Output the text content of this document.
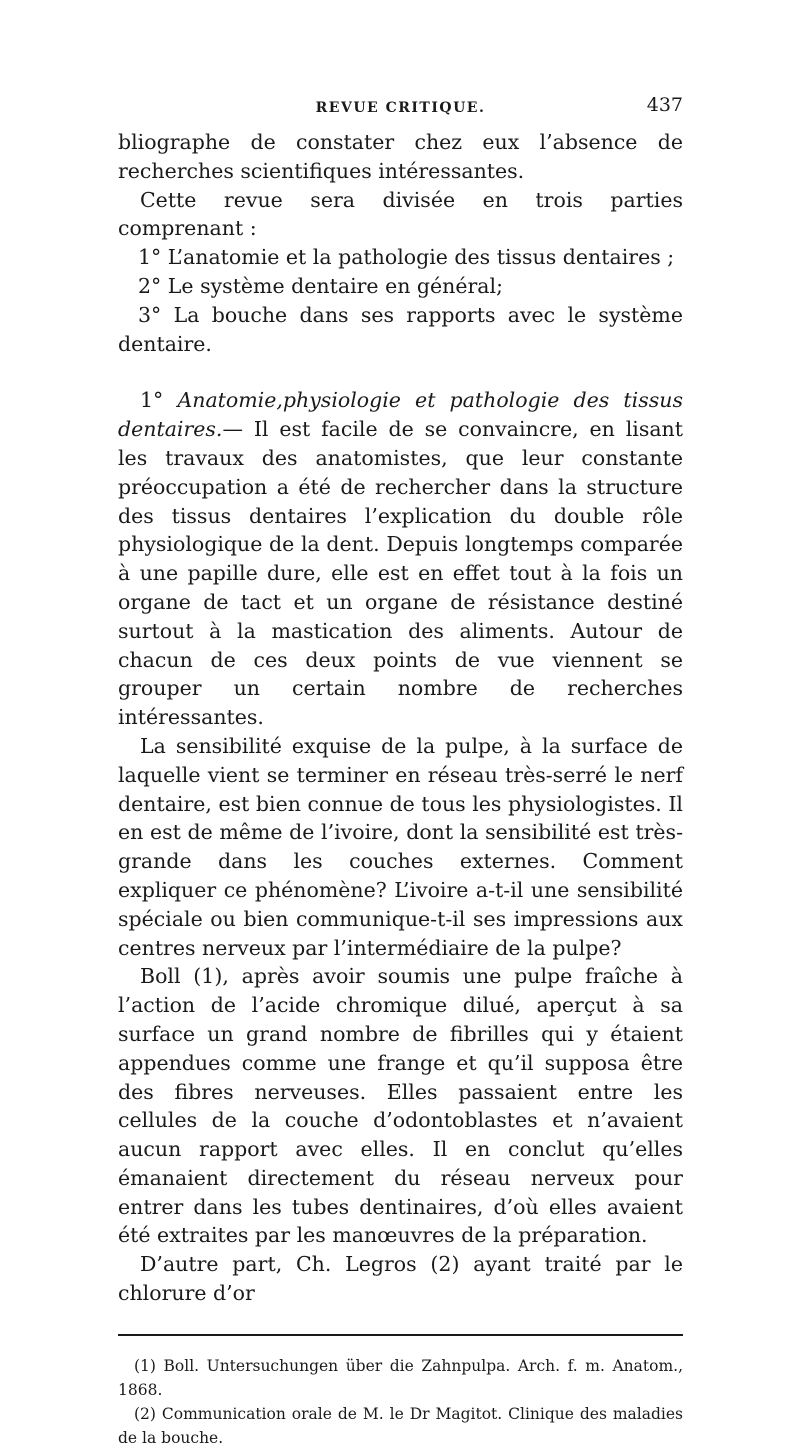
REVUE CRITIQUE.	437

bliographe de constater chez eux l’absence de recherches scientifiques intéressantes.

Cette revue sera divisée en trois parties comprenant :

1° L’anatomie et la pathologie des tissus dentaires ;

2° Le système dentaire en général;

3° La bouche dans ses rapports avec le système dentaire.

1° Anatomie,physiologie et pathologie des tissus dentaires.— Il est facile de se convaincre, en lisant les travaux des anatomistes, que leur constante préoccupation a été de rechercher dans la structure des tissus dentaires l’explication du double rôle physiologique de la dent. Depuis longtemps comparée à une papille dure, elle est en effet tout à la fois un organe de tact et un organe de résistance destiné surtout à la mastication des aliments. Autour de chacun de ces deux points de vue viennent se grouper un certain nombre de recherches intéressantes.

La sensibilité exquise de la pulpe, à la surface de laquelle vient se terminer en réseau très-serré le nerf dentaire, est bien connue de tous les physiologistes. Il en est de même de l’ivoire, dont la sensibilité est très-grande dans les couches externes. Comment expliquer ce phénomène? L’ivoire a-t-il une sensibilité spéciale ou bien communique-t-il ses impressions aux centres nerveux par l’intermédiaire de la pulpe?

Boll (1), après avoir soumis une pulpe fraîche à l’action de l’acide chromique dilué, aperçut à sa surface un grand nombre de fibrilles qui y étaient appendues comme une frange et qu’il supposa être des fibres nerveuses. Elles passaient entre les cellules de la couche d’odontoblastes et n’avaient aucun rapport avec elles. Il en conclut qu’elles émanaient directement du réseau nerveux pour entrer dans les tubes dentinaires, d’où elles avaient été extraites par les manœuvres de la préparation.

D’autre part, Ch. Legros (2) ayant traité par le chlorure d’or

(1) Boll. Untersuchungen über die Zahnpulpa. Arch. f. m. Anatom., 1868.

(2) Communication orale de M. le Dr Magitot. Clinique des maladies de la bouche.
